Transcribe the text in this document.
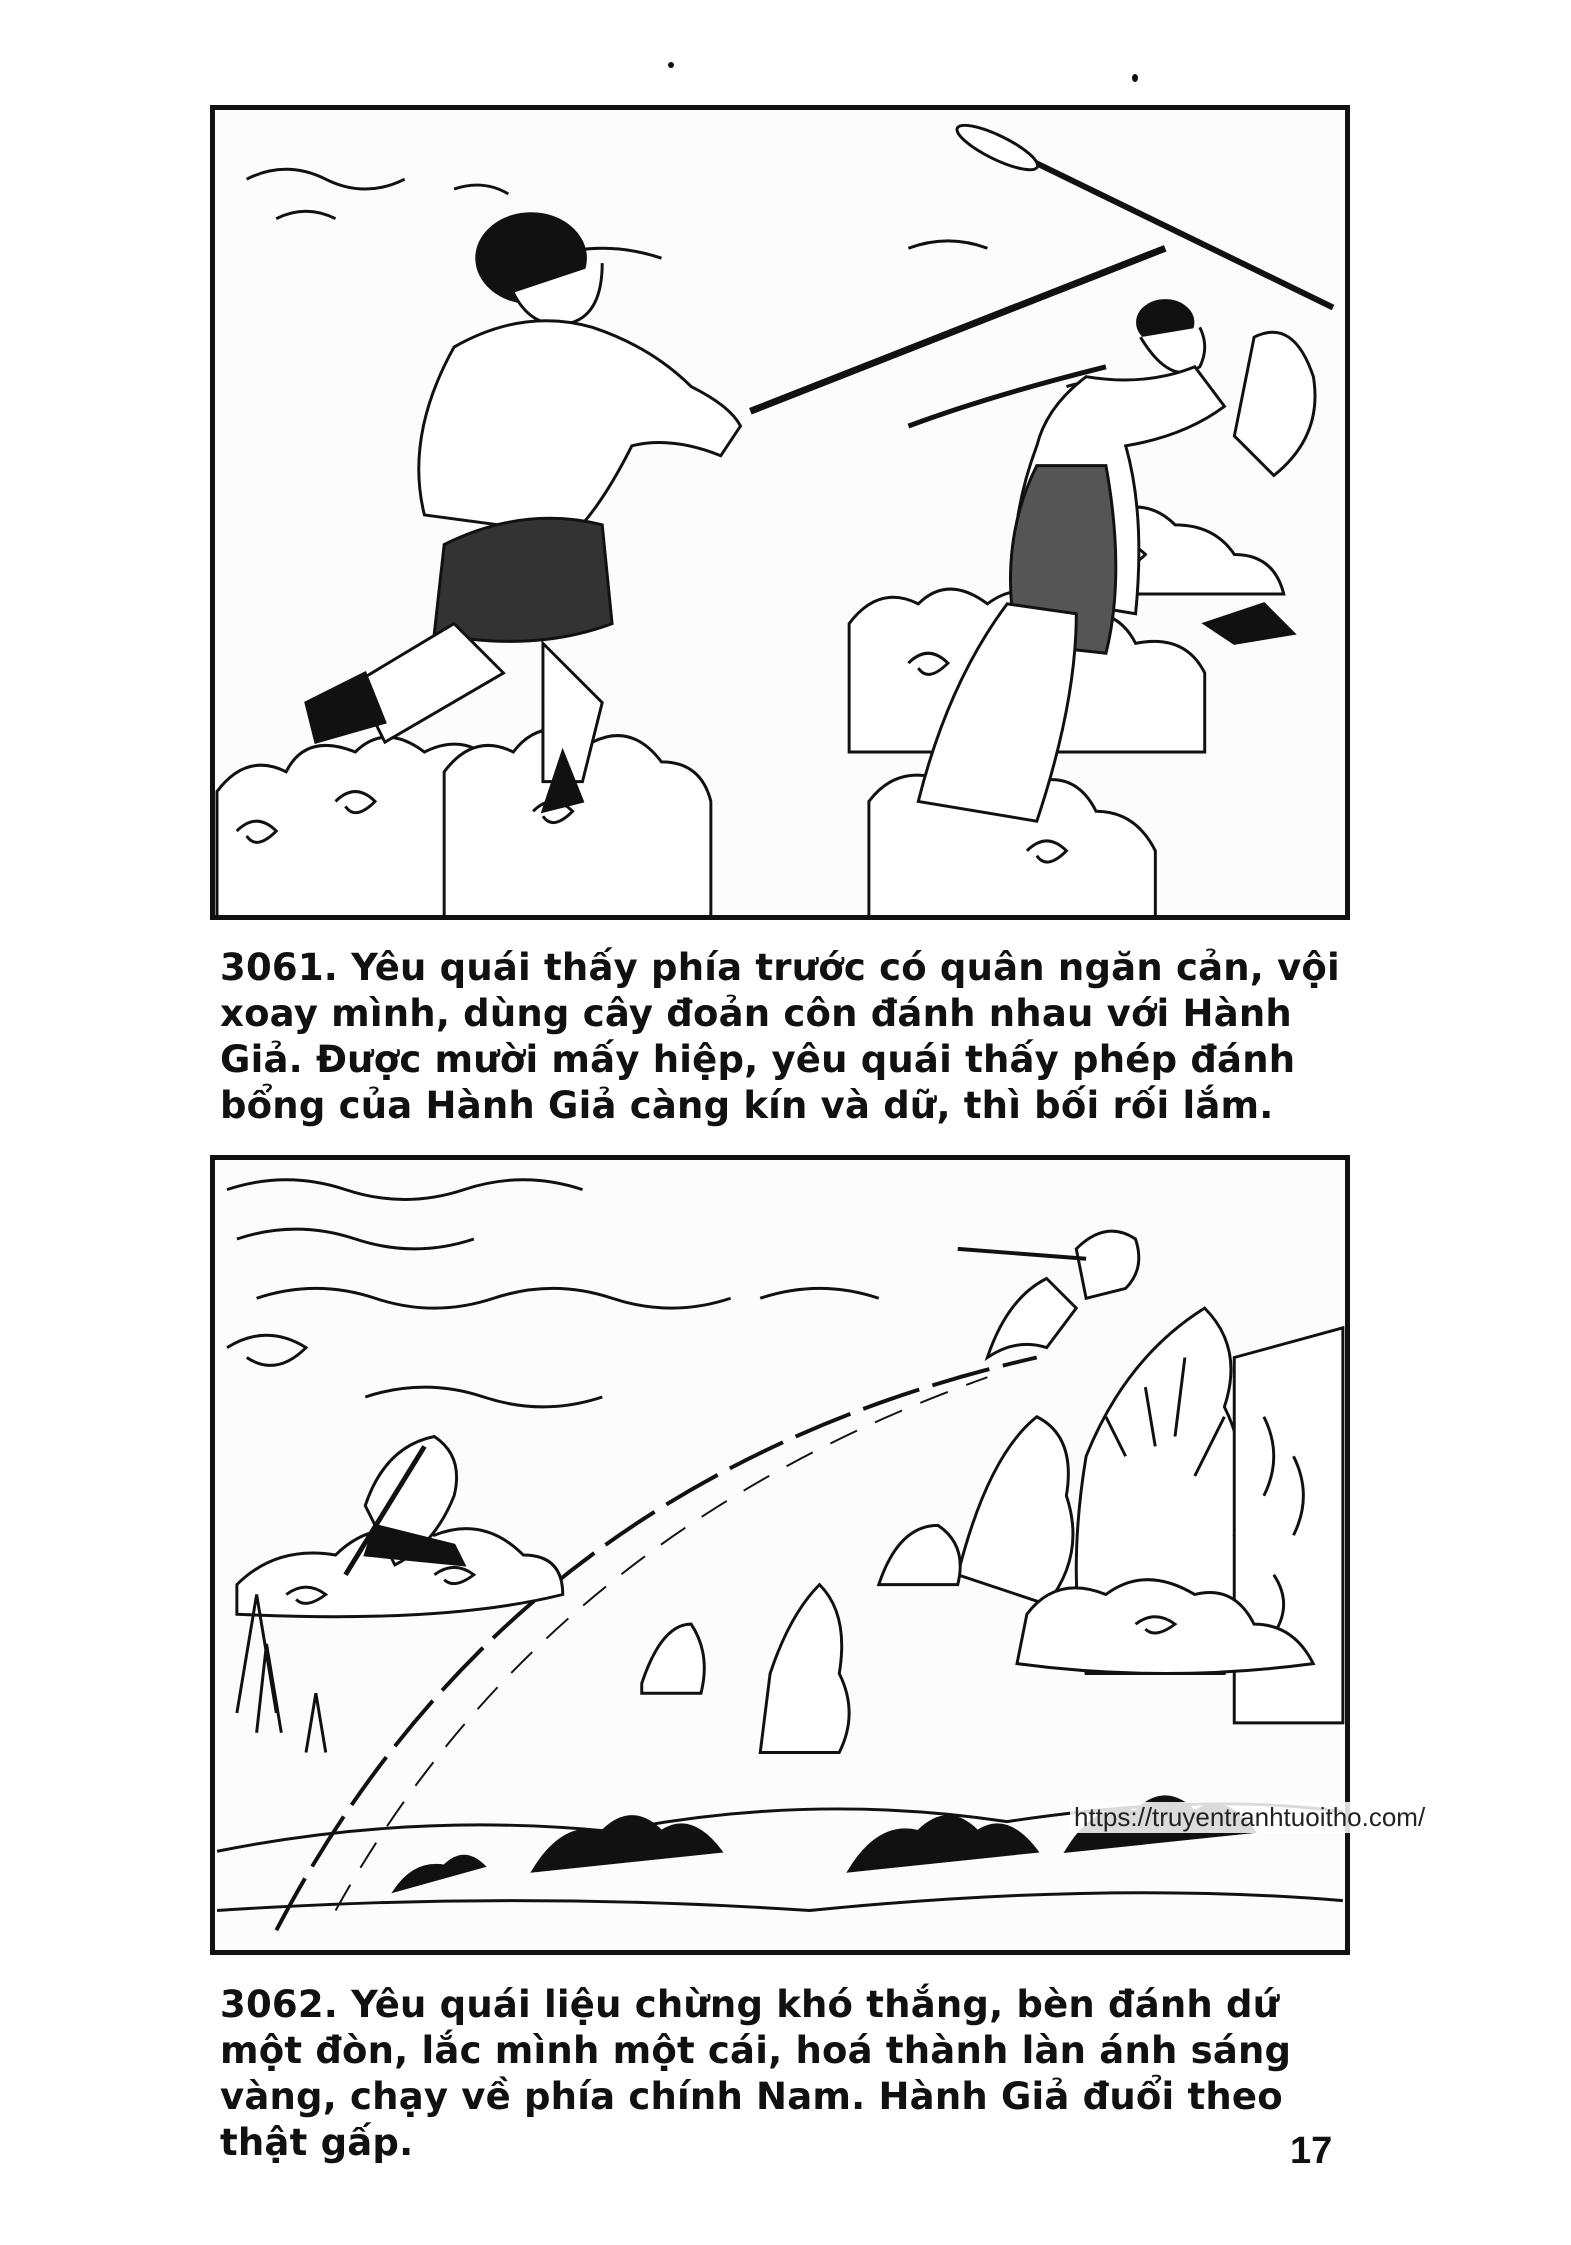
3061. Yêu quái thấy phía trước có quân ngăn cản, vội xoay mình, dùng cây đoản côn đánh nhau với Hành Giả. Được mười mấy hiệp, yêu quái thấy phép đánh bổng của Hành Giả càng kín và dữ, thì bối rối lắm.
https://truyentranhtuoitho.com/
3062. Yêu quái liệu chừng khó thắng, bèn đánh dứ một đòn, lắc mình một cái, hoá thành làn ánh sáng vàng, chạy về phía chính Nam. Hành Giả đuổi theo thật gấp.	17
